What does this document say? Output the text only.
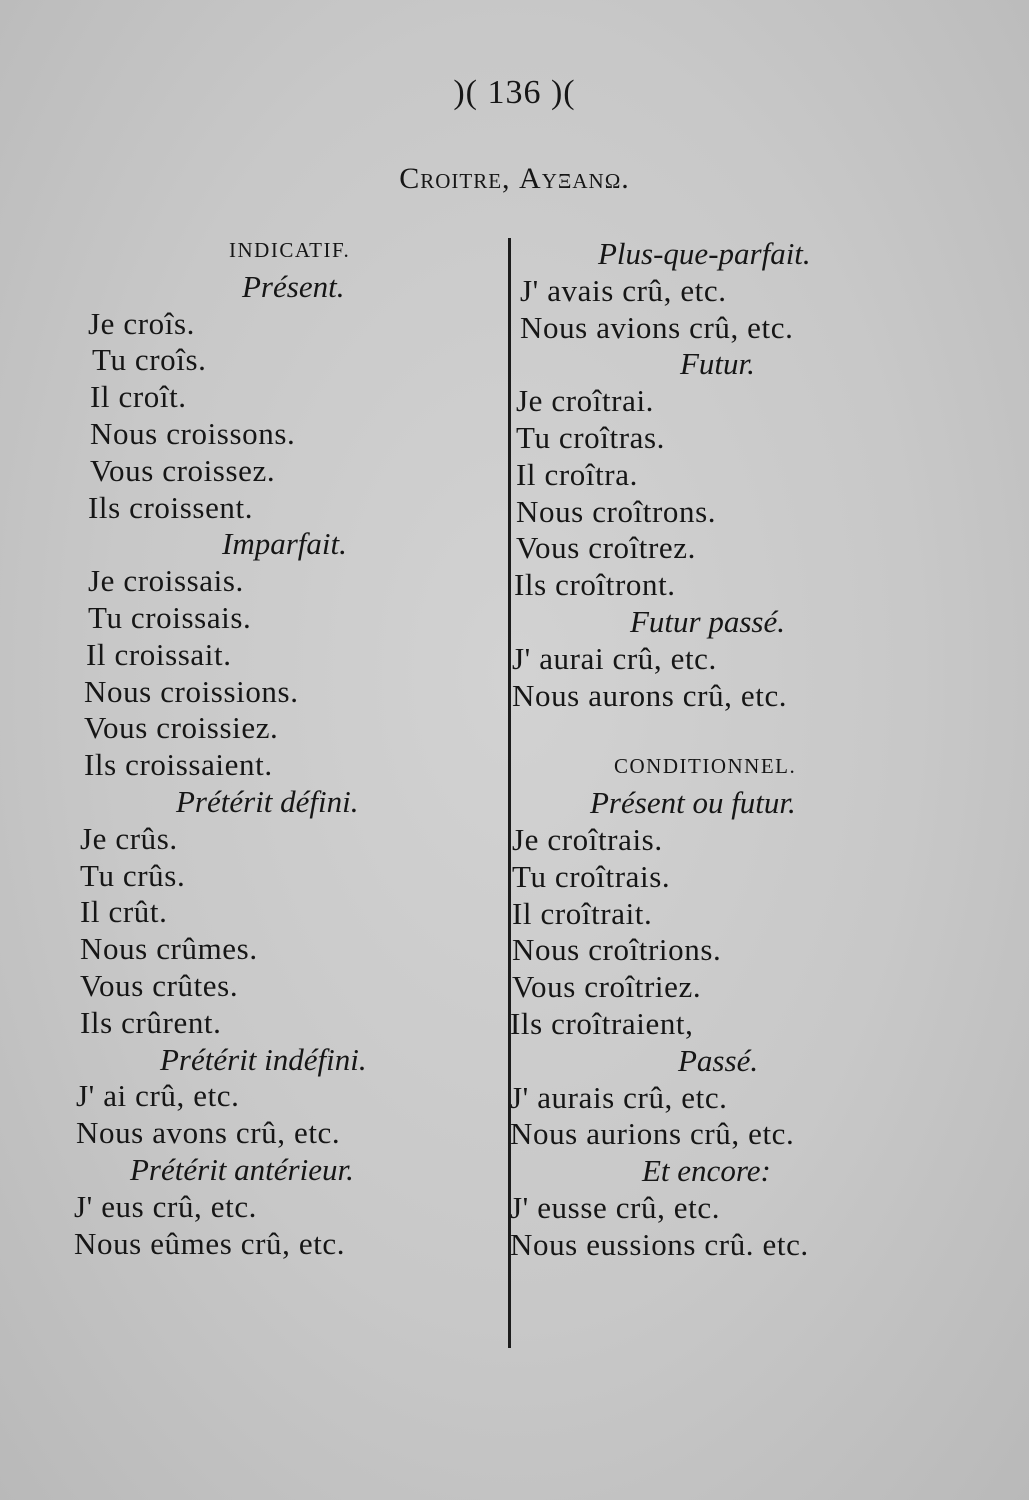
)( 136 )(
Croitre, Αυξανω.
INDICATIF.
Présent.
Je croîs.
Tu croîs.
Il croît.
Nous croissons.
Vous croissez.
Ils croissent.
Imparfait.
Je croissais.
Tu croissais.
Il croissait.
Nous croissions.
Vous croissiez.
Ils croissaient.
Prétérit défini.
Je crûs.
Tu crûs.
Il crût.
Nous crûmes.
Vous crûtes.
Ils crûrent.
Prétérit indéfini.
J' ai crû, etc.
Nous avons crû, etc.
Prétérit antérieur.
J' eus crû, etc.
Nous eûmes crû, etc.
Plus-que-parfait.
J' avais crû, etc.
Nous avions crû, etc.
Futur.
Je croîtrai.
Tu croîtras.
Il croîtra.
Nous croîtrons.
Vous croîtrez.
Ils croîtront.
Futur passé.
J' aurai crû, etc.
Nous aurons crû, etc.
CONDITIONNEL.
Présent ou futur.
Je croîtrais.
Tu croîtrais.
Il croîtrait.
Nous croîtrions.
Vous croîtriez.
Ils croîtraient,
Passé.
J' aurais crû, etc.
Nous aurions crû, etc.
Et encore:
J' eusse crû, etc.
Nous eussions crû. etc.
